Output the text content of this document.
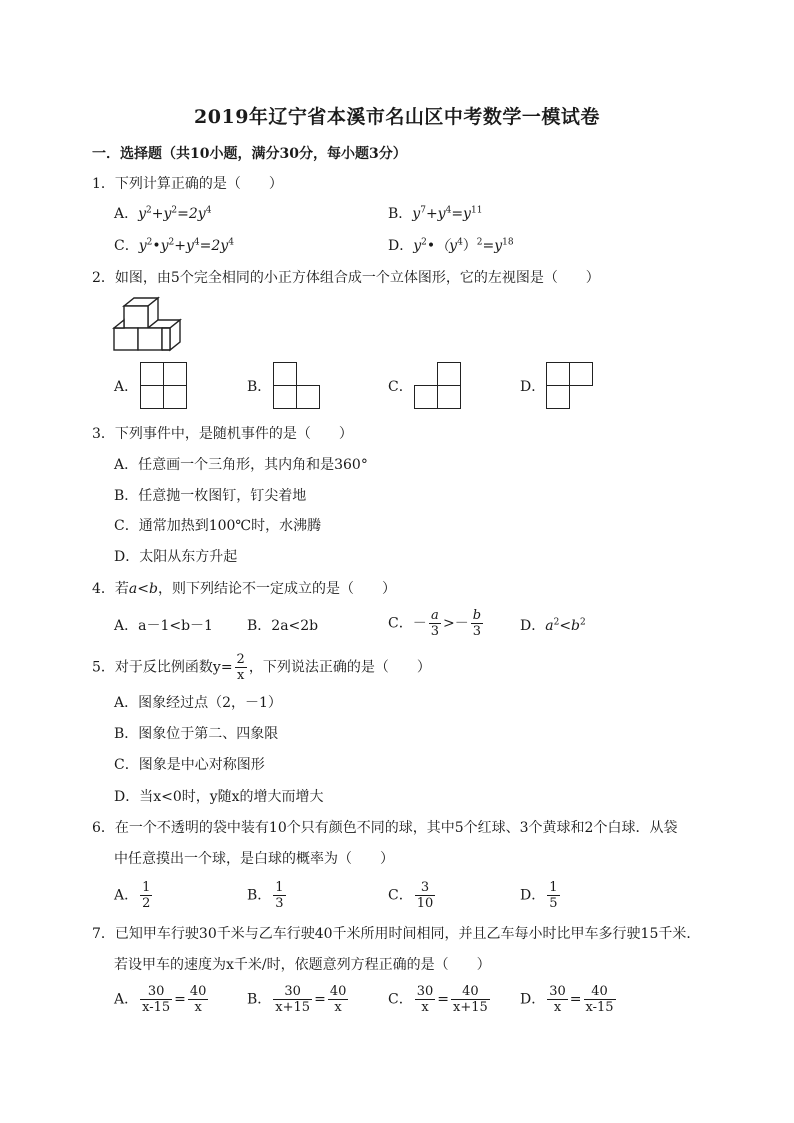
2019年辽宁省本溪市名山区中考数学一模试卷
一．选择题（共10小题，满分30分，每小题3分）
1．下列计算正确的是（　　）
A．$y^2+y^2=2y^4$	B．$y^7+y^4=y^{11}$
C．$y^2•y^2+y^4=2y^4$	D．$y^2•(y^4)^2=y^{18}$
2．如图，由5个完全相同的小正方体组合成一个立体图形，它的左视图是（　　）
A．	B．	C．	D．
3．下列事件中，是随机事件的是（　　）
A．任意画一个三角形，其内角和是360°
B．任意抛一枚图钉，钉尖着地
C．通常加热到100℃时，水沸腾
D．太阳从东方升起
4．若a<b，则下列结论不一定成立的是（　　）
A．a－1<b－1 B．2a<2b	C．－ $\frac{a}{3} >- \frac{b}{3}$	D．$a^2<b^2$
5．对于反比例函数$y= \frac{2}{x}$ ，下列说法正确的是（　　）
A．图象经过点（2，－1）
B．图象位于第二、四象限
C．图象是中心对称图形
D．当x<0时，y随x的增大而增大
6．在一个不透明的袋中装有10个只有颜色不同的球，其中5个红球、3个黄球和2个白球．从袋
中任意摸出一个球，是白球的概率为（　　）
A． $\frac{1}{2}$	B． $\frac{1}{3}$	C． $\frac{3}{10}$	D． $\frac{1}{5}$
7．已知甲车行驶30千米与乙车行驶40千米所用时间相同，并且乙车每小时比甲车多行驶15千米．
若设甲车的速度为x千米/时，依题意列方程正确的是（　　）
A． $\frac{30}{x-15} = \frac{40}{x}$	B． $\frac{30}{x+15} = \frac{40}{x}$	C． $\frac{30}{x} = \frac{40}{x+15}$ D． $\frac{30}{x} = \frac{40}{x-15}$
